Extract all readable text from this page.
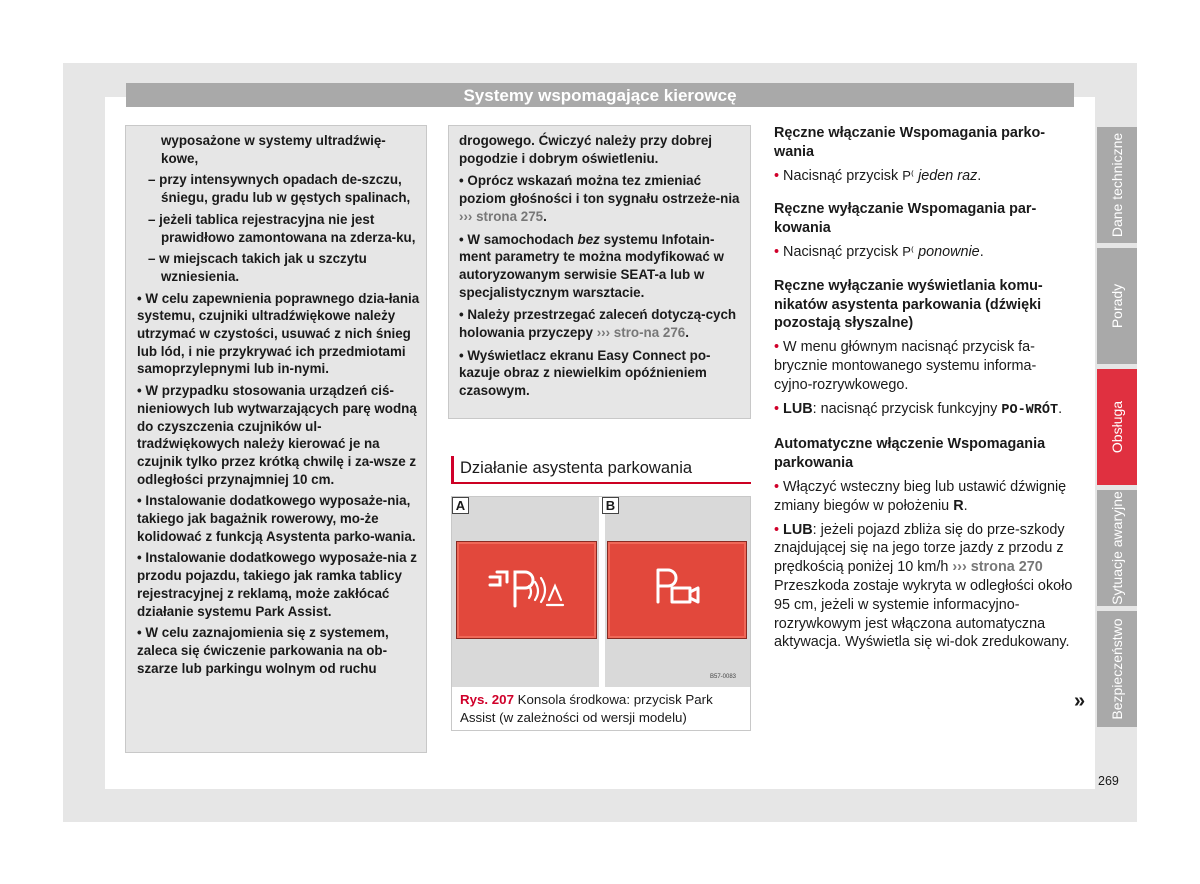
Systemy wspomagające kierowcę

wyposażone w systemy ultradźwię-kowe,

– przy intensywnych opadach de-szczu, śniegu, gradu lub w gęstych spalinach,

– jeżeli tablica rejestracyjna nie jest prawidłowo zamontowana na zderza-ku,

– w miejscach takich jak u szczytu wzniesienia.

• W celu zapewnienia poprawnego dzia-łania systemu, czujniki ultradźwiękowe należy utrzymać w czystości, usuwać z nich śnieg lub lód, i nie przykrywać ich przedmiotami samoprzylepnymi lub in-nymi.

• W przypadku stosowania urządzeń ciś-nieniowych lub wytwarzających parę wodną do czyszczenia czujników ul-tradźwiękowych należy kierować je na czujnik tylko przez krótką chwilę i za-wsze z odległości przynajmniej 10 cm.

• Instalowanie dodatkowego wyposaże-nia, takiego jak bagażnik rowerowy, mo-że kolidować z funkcją Asystenta parko-wania.

• Instalowanie dodatkowego wyposaże-nia z przodu pojazdu, takiego jak ramka tablicy rejestracyjnej z reklamą, może zakłócać działanie systemu Park Assist.

• W celu zaznajomienia się z systemem, zaleca się ćwiczenie parkowania na ob-szarze lub parkingu wolnym od ruchu

drogowego. Ćwiczyć należy przy dobrej pogodzie i dobrym oświetleniu.

• Oprócz wskazań można tez zmieniać poziom głośności i ton sygnału ostrzeże-nia ››› strona 275.

• W samochodach bez systemu Infotain-ment parametry te można modyfikować w autoryzowanym serwisie SEAT-a lub w specjalistycznym warsztacie.

• Należy przestrzegać zaleceń dotyczą-cych holowania przyczepy ››› stro-na 276.

• Wyświetlacz ekranu Easy Connect po-kazuje obraz z niewielkim opóźnieniem czasowym.

Działanie asystenta parkowania
A	B
B57-0083
Rys. 207 Konsola środkowa: przycisk Park Assist (w zależności od wersji modelu)
Ręczne włączanie Wspomagania parko-wania

• Nacisnąć przycisk P⁽ jeden raz.

Ręczne wyłączanie Wspomagania par-kowania

• Nacisnąć przycisk P⁽ ponownie.

Ręczne wyłączanie wyświetlania komu-nikatów asystenta parkowania (dźwięki pozostają słyszalne)

• W menu głównym nacisnąć przycisk fa-brycznie montowanego systemu informa-cyjno-rozrywkowego.

• LUB: nacisnąć przycisk funkcyjny PO-WRÓT.

Automatyczne włączenie Wspomagania parkowania

• Włączyć wsteczny bieg lub ustawić dźwignię zmiany biegów w położeniu R.

• LUB: jeżeli pojazd zbliża się do prze-szkody znajdującej się na jego torze jazdy z przodu z prędkością poniżej 10 km/h ››› strona 270 Przeszkoda zostaje wykryta w odległości około 95 cm, jeżeli w systemie informacyjno-rozrywkowym jest włączona automatyczna aktywacja. Wyświetla się wi-dok zredukowany.

»
Dane techniczne
Porady
Obsługa
Sytuacje awaryjne
Bezpieczeństwo
269
